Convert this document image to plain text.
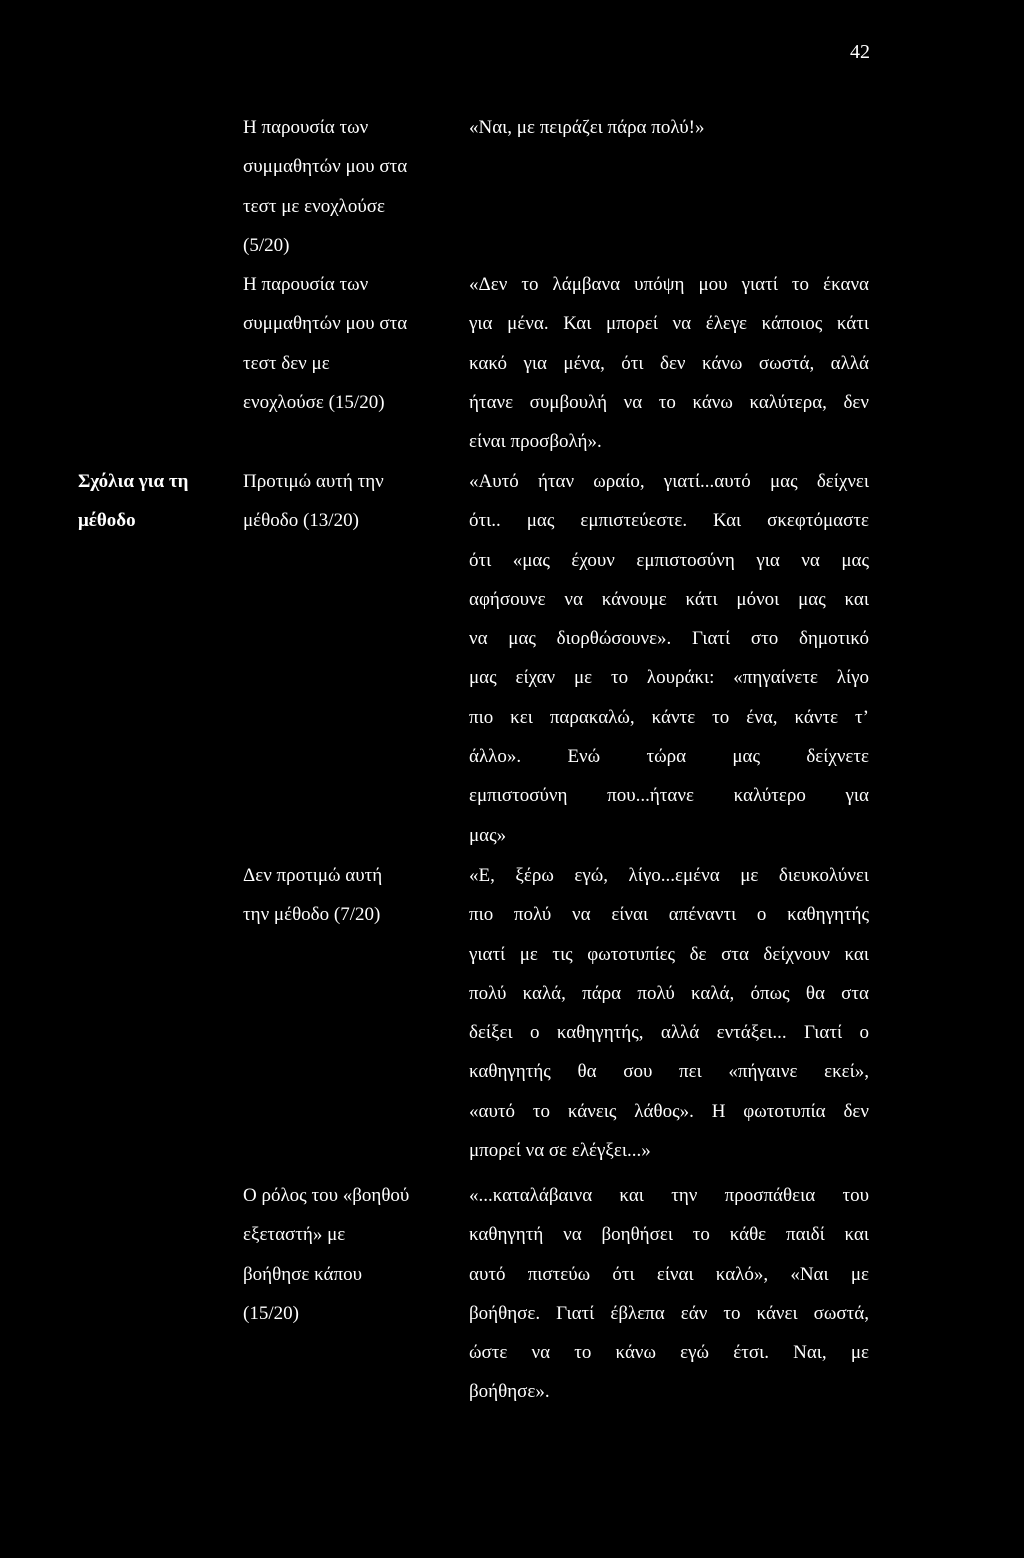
42
Η παρουσία των
συμμαθητών μου στα
τεστ με ενοχλούσε
(5/20)
«Ναι, με πειράζει πάρα πολύ!»
Η παρουσία των
συμμαθητών μου στα
τεστ δεν με
ενοχλούσε (15/20)
«Δεν το λάμβανα υπόψη μου γιατί το έκανα
για μένα. Και μπορεί να έλεγε κάποιος κάτι
κακό για μένα, ότι δεν κάνω σωστά, αλλά
ήτανε συμβουλή να το κάνω καλύτερα, δεν
είναι προσβολή».
Σχόλια για τη
μέθοδο
Προτιμώ αυτή την
μέθοδο (13/20)
«Αυτό ήταν ωραίο, γιατί...αυτό μας δείχνει
ότι.. μας εμπιστεύεστε. Και σκεφτόμαστε
ότι «μας έχουν εμπιστοσύνη για να μας
αφήσουνε να κάνουμε κάτι μόνοι μας και
να μας διορθώσουνε». Γιατί στο δημοτικό
μας είχαν με το λουράκι: «πηγαίνετε λίγο
πιο κει παρακαλώ, κάντε το ένα, κάντε τ’
άλλο». Ενώ τώρα μας δείχνετε
εμπιστοσύνη που...ήτανε καλύτερο για
μας»
Δεν προτιμώ αυτή
την μέθοδο (7/20)
«Ε, ξέρω εγώ, λίγο...εμένα με διευκολύνει
πιο πολύ να είναι απέναντι ο καθηγητής
γιατί με τις φωτοτυπίες δε στα δείχνουν και
πολύ καλά, πάρα πολύ καλά, όπως θα στα
δείξει ο καθηγητής, αλλά εντάξει... Γιατί ο
καθηγητής θα σου πει «πήγαινε εκεί»,
«αυτό το κάνεις λάθος». Η φωτοτυπία δεν
μπορεί να σε ελέγξει...»
Ο ρόλος του «βοηθού
εξεταστή» με
βοήθησε κάπου
(15/20)
«...καταλάβαινα και την προσπάθεια του
καθηγητή να βοηθήσει το κάθε παιδί και
αυτό πιστεύω ότι είναι καλό», «Ναι με
βοήθησε. Γιατί έβλεπα εάν το κάνει σωστά,
ώστε να το κάνω εγώ έτσι. Ναι, με
βοήθησε».
